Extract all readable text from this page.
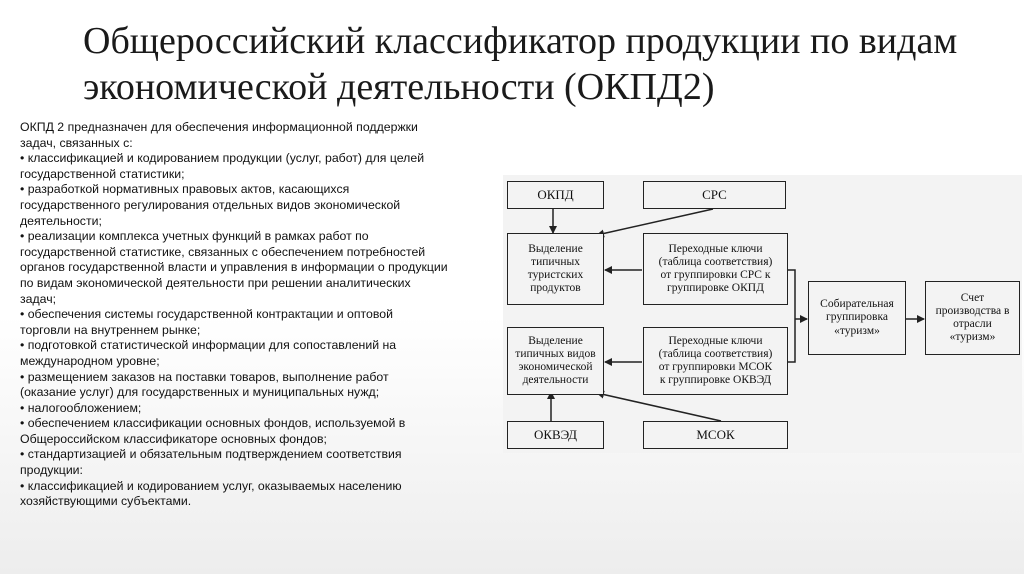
Общероссийский классификатор продукции по видам экономической деятельности (ОКПД2)
ОКПД 2 предназначен для обеспечения информационной поддержки
задач, связанных с:
• классификацией и кодированием продукции (услуг, работ) для целей
государственной статистики;
• разработкой нормативных правовых актов, касающихся
государственного регулирования отдельных видов экономической
деятельности;
• реализации комплекса учетных функций в рамках работ по
государственной статистике, связанных с обеспечением потребностей
органов государственной власти и управления в информации о продукции
по видам экономической деятельности при решении аналитических
задач;
• обеспечения системы государственной контрактации и оптовой
торговли на внутреннем рынке;
• подготовкой статистической информации для сопоставлений на
международном уровне;
• размещением заказов на поставки товаров, выполнение работ
(оказание услуг) для государственных и муниципальных нужд;
• налогообложением;
• обеспечением классификации основных фондов, используемой в
Общероссийском классификаторе основных фондов;
• стандартизацией и обязательным подтверждением соответствия
продукции:
• классификацией и кодированием услуг, оказываемых населению
хозяйствующими субъектами.
ОКПД	СРС
Выделение
типичных
туристских
продуктов
Переходные ключи
(таблица соответствия)
от группировки СРС к
группировке ОКПД
Выделение
типичных видов
экономической
деятельности
Переходные ключи
(таблица соответствия)
от группировки МСОК
к группировке ОКВЭД
Собирательная
группировка
«туризм»
Счет
производства в
отрасли
«туризм»
ОКВЭД	МСОК
